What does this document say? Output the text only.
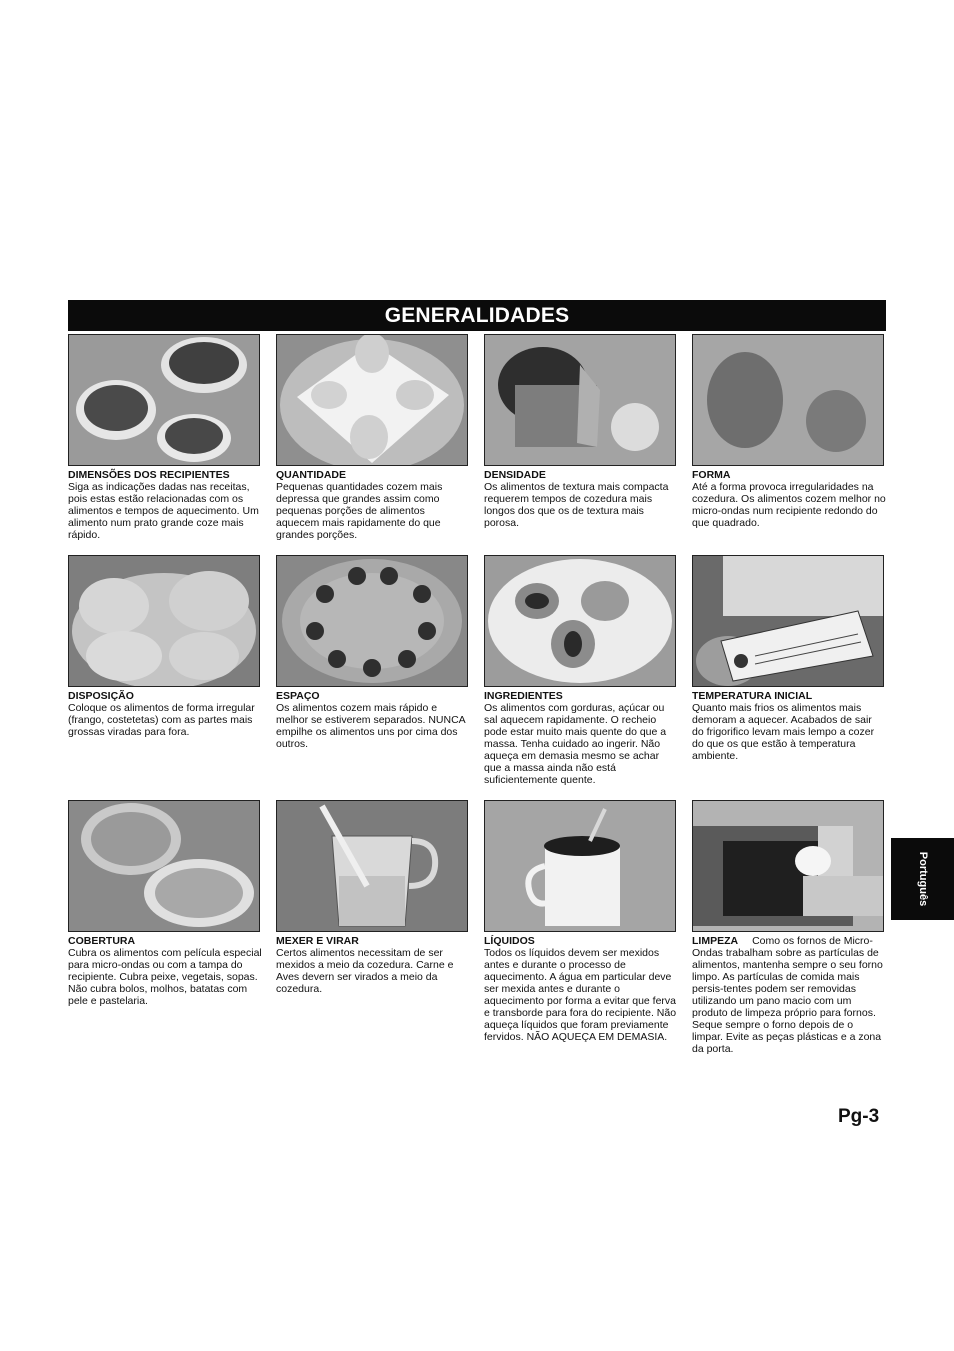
GENERALIDADES
DIMENSÕES DOS RECIPIENTES
Siga as indicações dadas nas receitas, pois estas estão relacionadas com os alimentos e tempos de aquecimento. Um alimento num prato grande coze mais rápido.
QUANTIDADE
Pequenas quantidades cozem mais depressa que grandes assim como pequenas porções de alimentos aquecem mais rapidamente do que grandes porções.
DENSIDADE
Os alimentos de textura mais compacta requerem tempos de cozedura mais longos dos que os de textura mais porosa.
FORMA
Até a forma provoca irregularidades na cozedura. Os alimentos cozem melhor no micro-ondas num recipiente redondo do que quadrado.
DISPOSIÇÃO
Coloque os alimentos de forma irregular (frango, costetetas) com as partes mais grossas viradas para fora.
ESPAÇO
Os alimentos cozem mais rápido e melhor se estiverem separados. NUNCA empilhe os alimentos uns por cima dos outros.
INGREDIENTES
Os alimentos com gorduras, açúcar ou sal aquecem rapidamente. O recheio pode estar muito mais quente do que a massa. Tenha cuidado ao ingerir. Não aqueça em demasia mesmo se achar que a massa ainda não está suficientemente quente.
TEMPERATURA INICIAL
Quanto mais frios os alimentos mais demoram a aquecer. Acabados de sair do frigorifico levam mais lempo a cozer do que os que estão à temperatura ambiente.
COBERTURA
Cubra os alimentos com película especial para micro-ondas ou com a tampa do recipiente. Cubra peixe, vegetais, sopas. Não cubra bolos, molhos, batatas com pele e pastelaria.
MEXER E VIRAR
Certos alimentos necessitam de ser mexidos a meio da cozedura. Carne e Aves devern ser virados a meio da cozedura.
LÍQUIDOS
Todos os líquidos devem ser mexidos antes e durante o processo de aquecimento. A água em particular deve ser mexida antes e durante o aquecimento por forma a evitar que ferva e transborde para fora do recipiente. Não aqueça líquidos que foram previamente fervidos. NÃO AQUEÇA EM DEMASIA.
LIMPEZA Como os fornos de Micro-Ondas trabalham sobre as partículas de alimentos, mantenha sempre o seu forno limpo. As partículas de comida mais persis-tentes podem ser removidas utilizando um pano macio com um produto de limpeza próprio para fornos. Seque sempre o forno depois de o limpar. Evite as peças plásticas e a zona da porta.
Português
Pg-3
